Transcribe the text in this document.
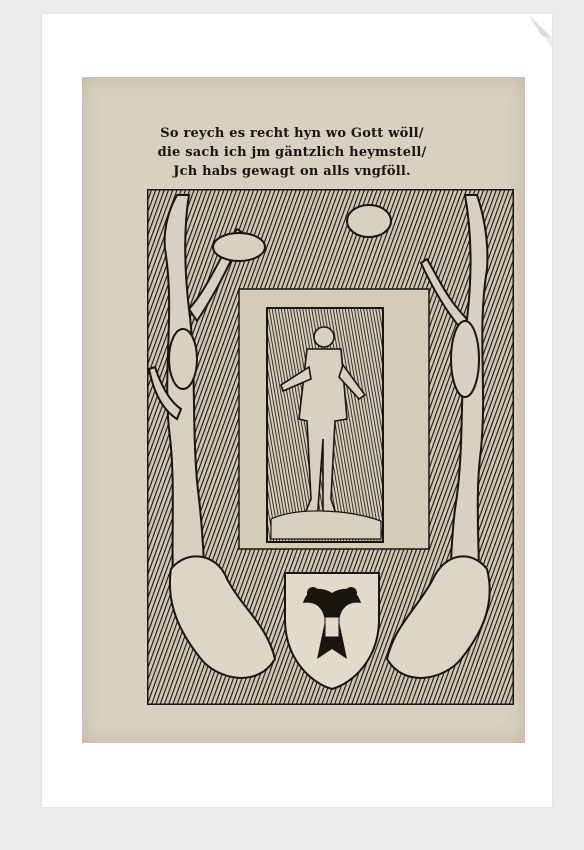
So reych es recht hyn wo Gott wöll/
die sach ich jm gäntzlich heymstell/
Jch habs gewagt on alls vngföll.
